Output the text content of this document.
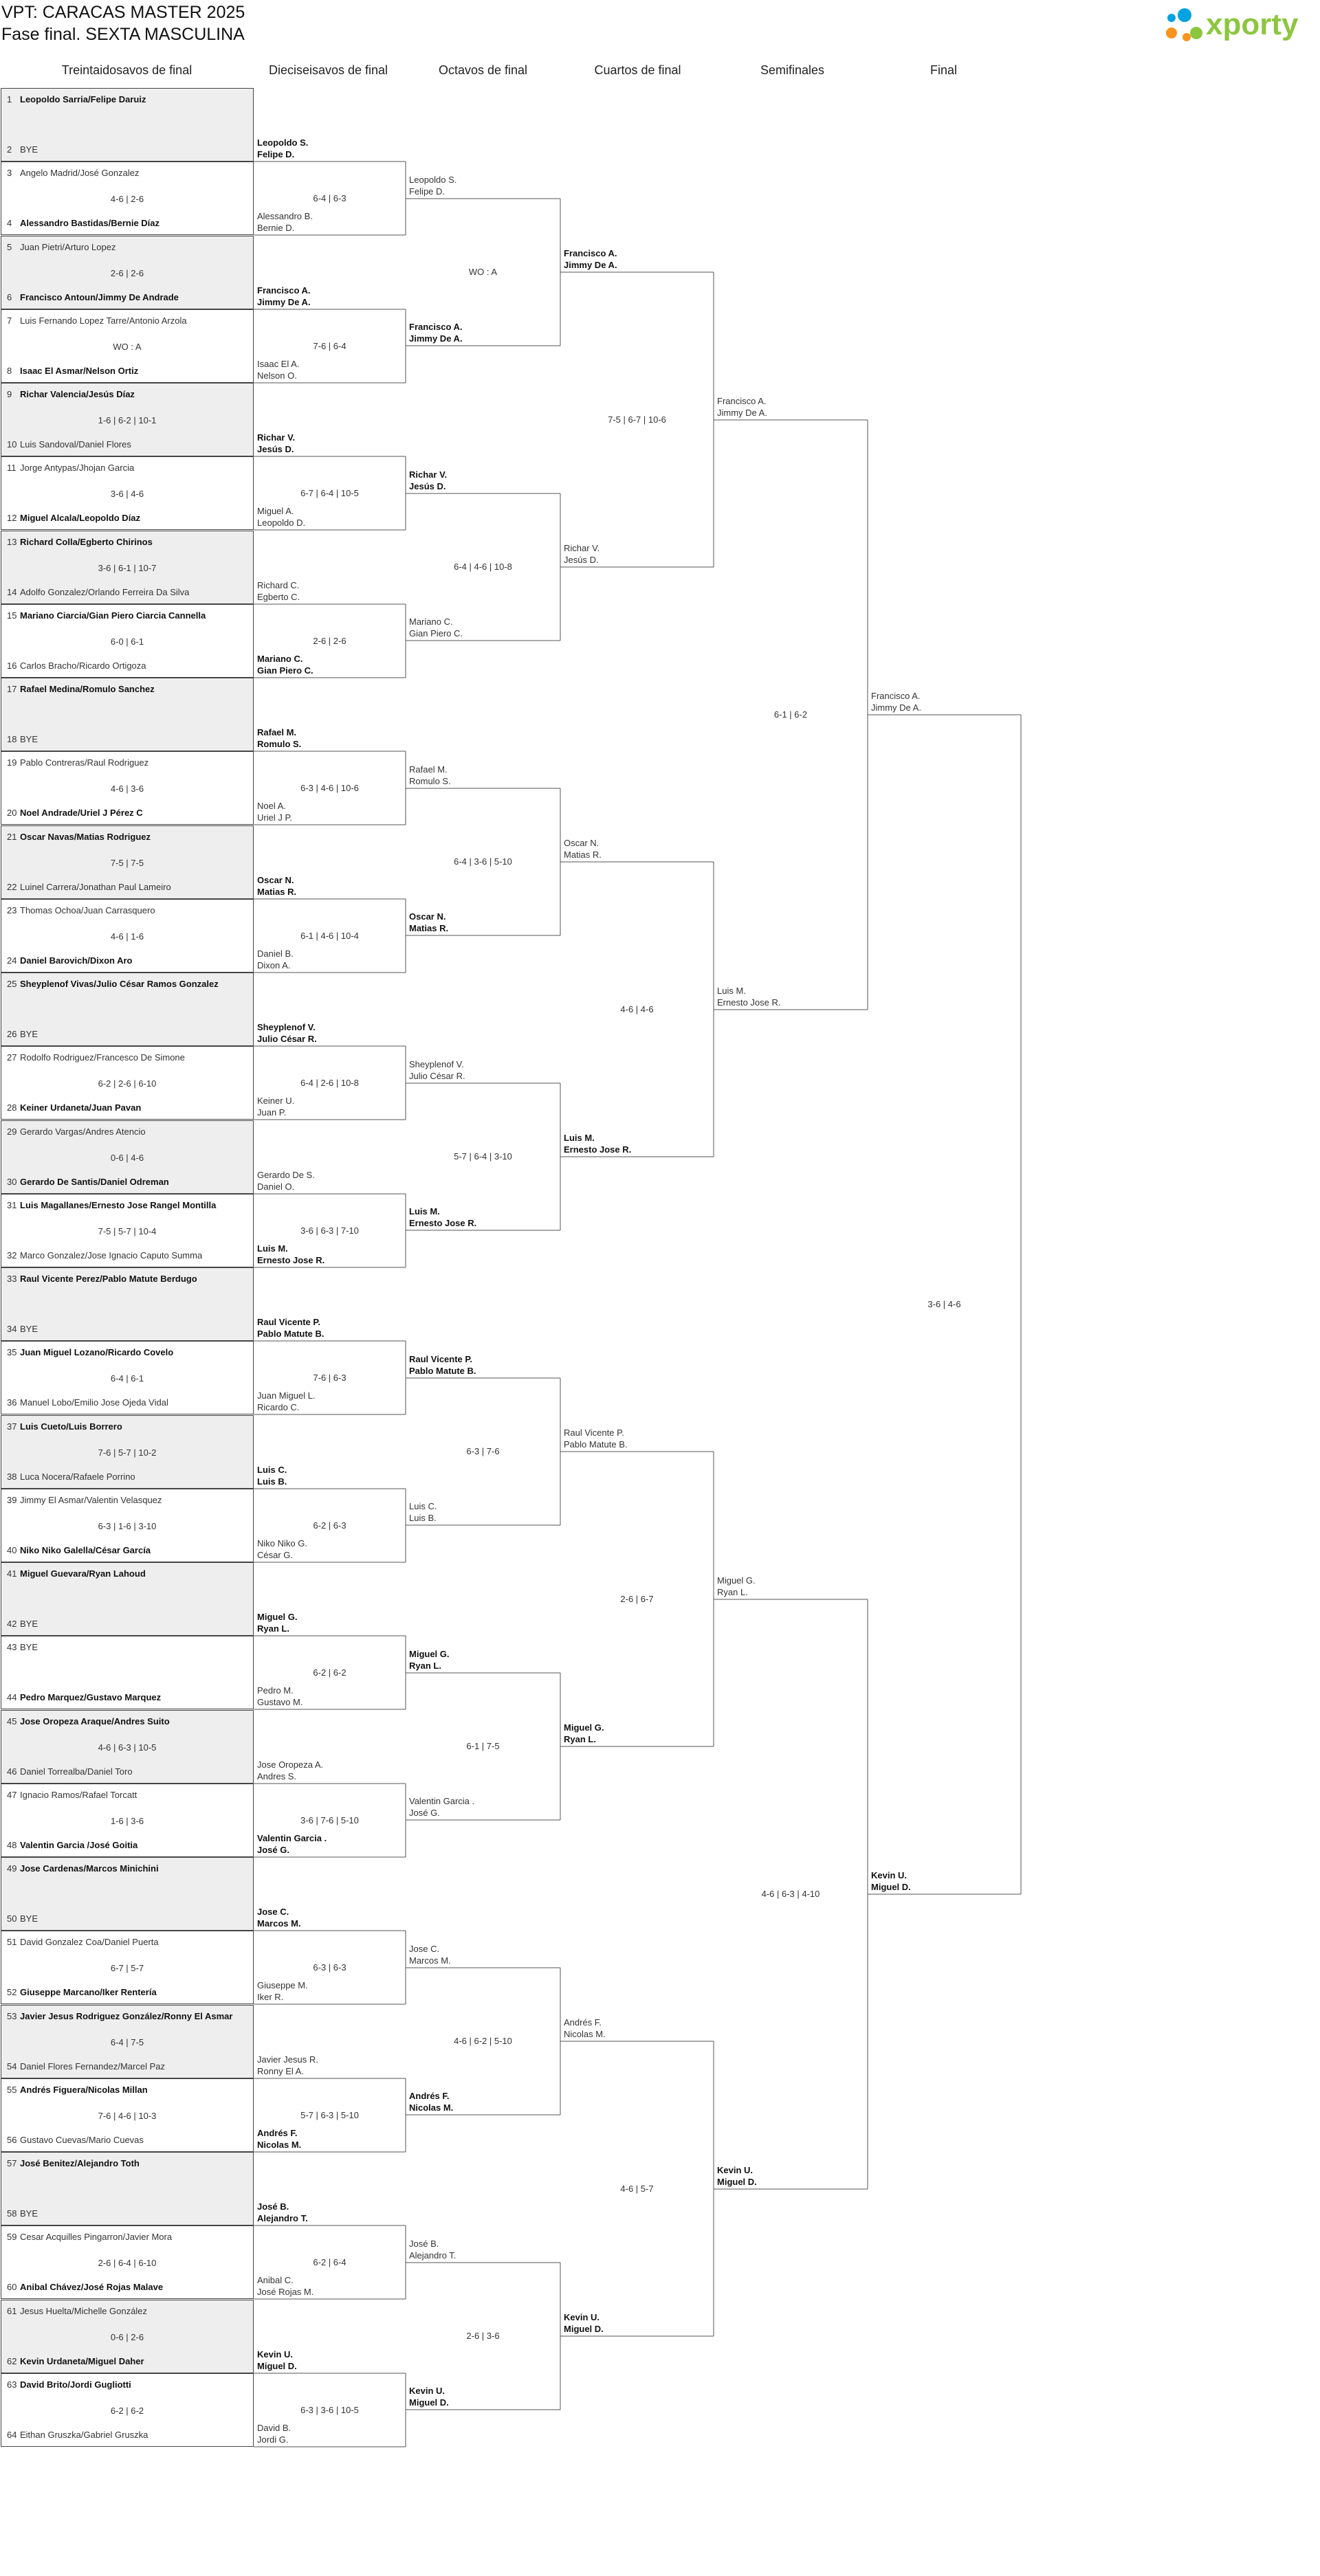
VPT: CARACAS MASTER 2025
Fase final. SEXTA MASCULINA	xporty
Treintaidosavos de final	Dieciseisavos de final	Octavos de final	Cuartos de final	Semifinales	Final
1 Leopoldo Sarria/Felipe Daruiz
2 BYE
3 Angelo Madrid/José Gonzalez
4 Alessandro Bastidas/Bernie Díaz
4-6 | 2-6
5 Juan Pietri/Arturo Lopez
6 Francisco Antoun/Jimmy De Andrade
2-6 | 2-6
7 Luis Fernando Lopez Tarre/Antonio Arzola
8 Isaac El Asmar/Nelson Ortiz
WO : A
9 Richar Valencia/Jesús Díaz
10 Luis Sandoval/Daniel Flores
1-6 | 6-2 | 10-1
11 Jorge Antypas/Jhojan Garcia
12 Miguel Alcala/Leopoldo Díaz
3-6 | 4-6
13 Richard Colla/Egberto Chirinos
14 Adolfo Gonzalez/Orlando Ferreira Da Silva
3-6 | 6-1 | 10-7
15 Mariano Ciarcia/Gian Piero Ciarcia Cannella
16 Carlos Bracho/Ricardo Ortigoza
6-0 | 6-1
17 Rafael Medina/Romulo Sanchez
18 BYE
19 Pablo Contreras/Raul Rodriguez
20 Noel Andrade/Uriel J Pérez C
4-6 | 3-6
21 Oscar Navas/Matias Rodriguez
22 Luinel Carrera/Jonathan Paul Lameiro
7-5 | 7-5
23 Thomas Ochoa/Juan Carrasquero
24 Daniel Barovich/Dixon Aro
4-6 | 1-6
25 Sheyplenof Vivas/Julio César Ramos Gonzalez
26 BYE
27 Rodolfo Rodriguez/Francesco De Simone
28 Keiner Urdaneta/Juan Pavan
6-2 | 2-6 | 6-10
29 Gerardo Vargas/Andres Atencio
30 Gerardo De Santis/Daniel Odreman
0-6 | 4-6
31 Luis Magallanes/Ernesto Jose Rangel Montilla
32 Marco Gonzalez/Jose Ignacio Caputo Summa
7-5 | 5-7 | 10-4
33 Raul Vicente Perez/Pablo Matute Berdugo
34 BYE
35 Juan Miguel Lozano/Ricardo Covelo
36 Manuel Lobo/Emilio Jose Ojeda Vidal
6-4 | 6-1
37 Luis Cueto/Luis Borrero
38 Luca Nocera/Rafaele Porrino
7-6 | 5-7 | 10-2
39 Jimmy El Asmar/Valentin Velasquez
40 Niko Niko Galella/César García
6-3 | 1-6 | 3-10
41 Miguel Guevara/Ryan Lahoud
42 BYE
43 BYE
44 Pedro Marquez/Gustavo Marquez
45 Jose Oropeza Araque/Andres Suito
46 Daniel Torrealba/Daniel Toro
4-6 | 6-3 | 10-5
47 Ignacio Ramos/Rafael Torcatt
48 Valentin Garcia /José Goitia
1-6 | 3-6
49 Jose Cardenas/Marcos Minichini
50 BYE
51 David Gonzalez Coa/Daniel Puerta
52 Giuseppe Marcano/Iker Rentería
6-7 | 5-7
53 Javier Jesus Rodriguez González/Ronny El Asmar
54 Daniel Flores Fernandez/Marcel Paz
6-4 | 7-5
55 Andrés Figuera/Nicolas Millan
56 Gustavo Cuevas/Mario Cuevas
7-6 | 4-6 | 10-3
57 José Benitez/Alejandro Toth
58 BYE
59 Cesar Acquilles Pingarron/Javier Mora
60 Anibal Chávez/José Rojas Malave
2-6 | 6-4 | 6-10
61 Jesus Huelta/Michelle González
62 Kevin Urdaneta/Miguel Daher
0-6 | 2-6
63 David Brito/Jordi Gugliotti
64 Eithan Gruszka/Gabriel Gruszka
6-2 | 6-2
Leopoldo S.
Felipe D.
Alessandro B.
Bernie D.
6-4 | 6-3
Francisco A.
Jimmy De A.
Isaac El A.
Nelson O.
7-6 | 6-4
Richar V.
Jesús D.
Miguel A.
Leopoldo D.
6-7 | 6-4 | 10-5
Richard C.
Egberto C.
Mariano C.
Gian Piero C.
2-6 | 2-6
Rafael M.
Romulo S.
Noel A.
Uriel J P.
6-3 | 4-6 | 10-6
Oscar N.
Matias R.
Daniel B.
Dixon A.
6-1 | 4-6 | 10-4
Sheyplenof V.
Julio César R.
Keiner U.
Juan P.
6-4 | 2-6 | 10-8
Gerardo De S.
Daniel O.
Luis M.
Ernesto Jose R.
3-6 | 6-3 | 7-10
Raul Vicente P.
Pablo Matute B.
Juan Miguel L.
Ricardo C.
7-6 | 6-3
Luis C.
Luis B.
Niko Niko G.
César G.
6-2 | 6-3
Miguel G.
Ryan L.
Pedro M.
Gustavo M.
6-2 | 6-2
Jose Oropeza A.
Andres S.
Valentin Garcia .
José G.
3-6 | 7-6 | 5-10
Jose C.
Marcos M.
Giuseppe M.
Iker R.
6-3 | 6-3
Javier Jesus R.
Ronny El A.
Andrés F.
Nicolas M.
5-7 | 6-3 | 5-10
José B.
Alejandro T.
Anibal C.
José Rojas M.
6-2 | 6-4
Kevin U.
Miguel D.
David B.
Jordi G.
6-3 | 3-6 | 10-5
Leopoldo S.
Felipe D.
Francisco A.
Jimmy De A.
WO : A
Richar V.
Jesús D.
Mariano C.
Gian Piero C.
6-4 | 4-6 | 10-8
Rafael M.
Romulo S.
Oscar N.
Matias R.
6-4 | 3-6 | 5-10
Sheyplenof V.
Julio César R.
Luis M.
Ernesto Jose R.
5-7 | 6-4 | 3-10
Raul Vicente P.
Pablo Matute B.
Luis C.
Luis B.
6-3 | 7-6
Miguel G.
Ryan L.
Valentin Garcia .
José G.
6-1 | 7-5
Jose C.
Marcos M.
Andrés F.
Nicolas M.
4-6 | 6-2 | 5-10
José B.
Alejandro T.
Kevin U.
Miguel D.
2-6 | 3-6
Francisco A.
Jimmy De A.
Richar V.
Jesús D.
7-5 | 6-7 | 10-6
Oscar N.
Matias R.
Luis M.
Ernesto Jose R.
4-6 | 4-6
Raul Vicente P.
Pablo Matute B.
Miguel G.
Ryan L.
2-6 | 6-7
Andrés F.
Nicolas M.
Kevin U.
Miguel D.
4-6 | 5-7
Francisco A.
Jimmy De A.
Luis M.
Ernesto Jose R.
6-1 | 6-2
Miguel G.
Ryan L.
Kevin U.
Miguel D.
4-6 | 6-3 | 4-10
Francisco A.
Jimmy De A.
Kevin U.
Miguel D.
3-6 | 4-6
